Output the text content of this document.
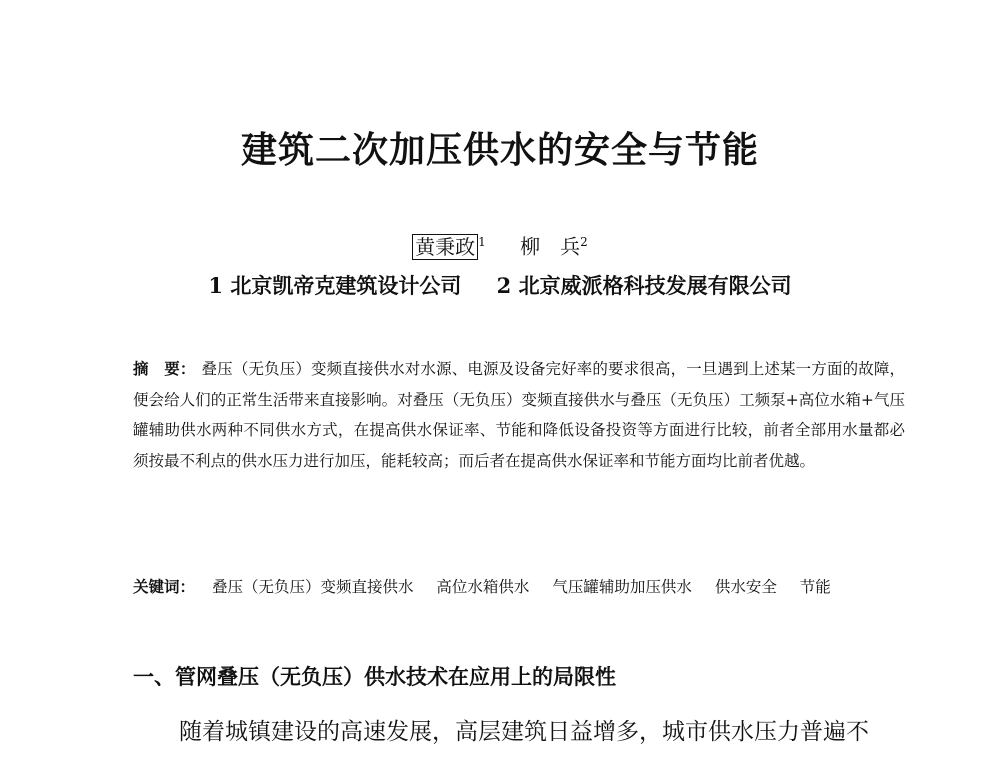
建筑二次加压供水的安全与节能
黄秉政 $^1$ 柳　兵$^2$
1 北京凯帝克建筑设计公司 2 北京威派格科技发展有限公司
摘　要： 叠压（无负压）变频直接供水对水源、电源及设备完好率的要求很高，一旦遇到上述某一方面的故障，便会给人们的正常生活带来直接影响。对叠压（无负压）变频直接供水与叠压（无负压）工频泵+高位水箱+气压罐辅助供水两种不同供水方式，在提高供水保证率、节能和降低设备投资等方面进行比较，前者全部用水量都必须按最不利点的供水压力进行加压，能耗较高；而后者在提高供水保证率和节能方面均比前者优越。
关键词： 叠压（无负压）变频直接供水 高位水箱供水 气压罐辅助加压供水 供水安全 节能
一、管网叠压（无负压）供水技术在应用上的局限性
随着城镇建设的高速发展，高层建筑日益增多，城市供水压力普遍不
